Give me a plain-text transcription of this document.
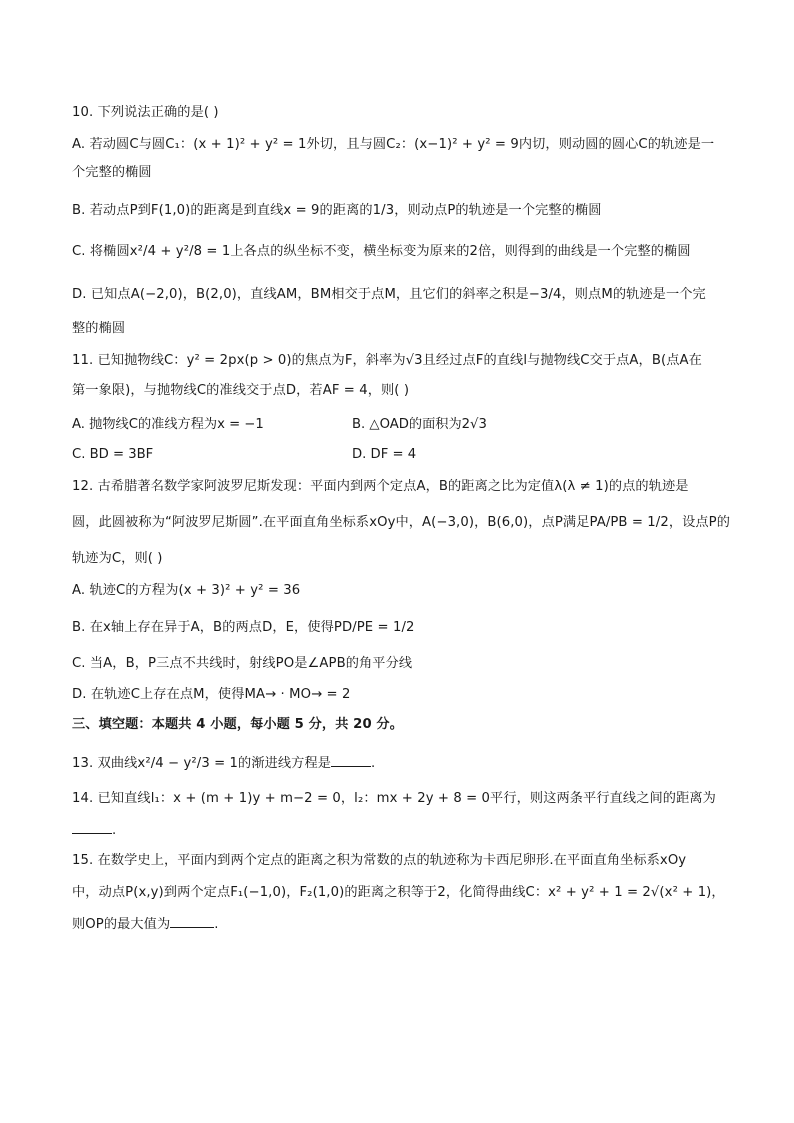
10. 下列说法正确的是( )
A. 若动圆C与圆C₁：(x + 1)² + y² = 1外切，且与圆C₂：(x−1)² + y² = 9内切，则动圆的圆心C的轨迹是一
个完整的椭圆
B. 若动点P到F(1,0)的距离是到直线x = 9的距离的1/3，则动点P的轨迹是一个完整的椭圆
C. 将椭圆x²/4 + y²/8 = 1上各点的纵坐标不变，横坐标变为原来的2倍，则得到的曲线是一个完整的椭圆
D. 已知点A(−2,0)，B(2,0)，直线AM，BM相交于点M，且它们的斜率之积是−3/4，则点M的轨迹是一个完
整的椭圆
11. 已知抛物线C：y² = 2px(p > 0)的焦点为F，斜率为√3且经过点F的直线l与抛物线C交于点A，B(点A在
第一象限)，与抛物线C的准线交于点D，若AF = 4，则( )
A. 抛物线C的准线方程为x = −1	B. △OAD的面积为2√3
C. BD = 3BF	D. DF = 4
12. 古希腊著名数学家阿波罗尼斯发现：平面内到两个定点A，B的距离之比为定值λ(λ ≠ 1)的点的轨迹是
圆，此圆被称为“阿波罗尼斯圆”.在平面直角坐标系xOy中，A(−3,0)，B(6,0)，点P满足PA/PB = 1/2，设点P的
轨迹为C，则( )
A. 轨迹C的方程为(x + 3)² + y² = 36
B. 在x轴上存在异于A，B的两点D，E，使得PD/PE = 1/2
C. 当A，B，P三点不共线时，射线PO是∠APB的角平分线
D. 在轨迹C上存在点M，使得MA→ · MO→ = 2
三、填空题：本题共 4 小题，每小题 5 分，共 20 分。
13. 双曲线x²/4 − y²/3 = 1的渐进线方程是	.
14. 已知直线l₁：x + (m + 1)y + m−2 = 0，l₂：mx + 2y + 8 = 0平行，则这两条平行直线之间的距离为
.
15. 在数学史上，平面内到两个定点的距离之积为常数的点的轨迹称为卡西尼卵形.在平面直角坐标系xOy
中，动点P(x,y)到两个定点F₁(−1,0)，F₂(1,0)的距离之积等于2，化简得曲线C：x² + y² + 1 = 2√(x² + 1)，
则OP的最大值为	.
